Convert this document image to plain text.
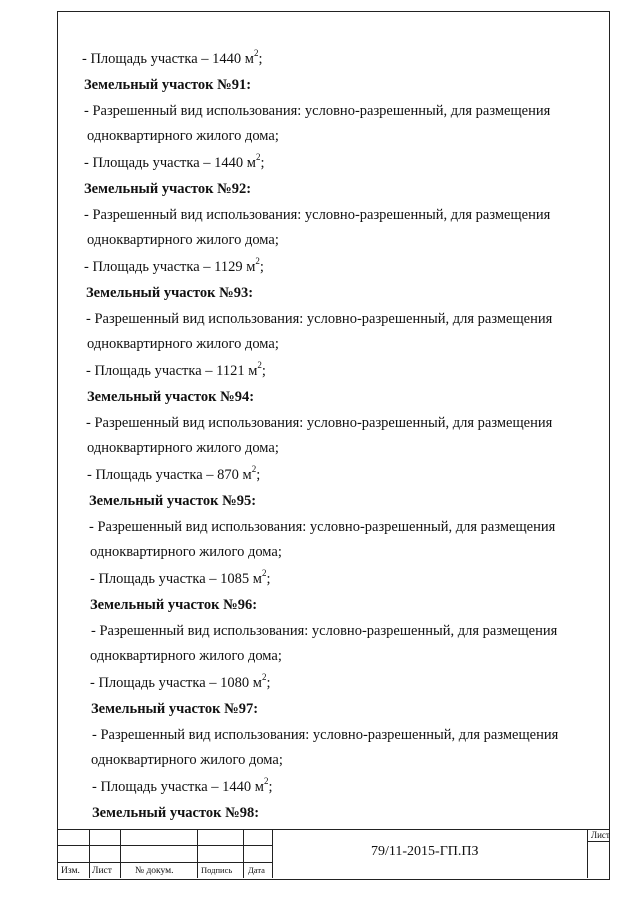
- Площадь участка – 1440 $м^2$;
Земельный участок №91:
- Разрешенный вид использования: условно-разрешенный, для размещения
одноквартирного жилого дома;
- Площадь участка – 1440 $м^2$;
Земельный участок №92:
- Разрешенный вид использования: условно-разрешенный, для размещения
одноквартирного жилого дома;
- Площадь участка – 1129 $м^2$;
Земельный участок №93:
- Разрешенный вид использования: условно-разрешенный, для размещения
одноквартирного жилого дома;
- Площадь участка – 1121 $м^2$;
Земельный участок №94:
- Разрешенный вид использования: условно-разрешенный, для размещения
одноквартирного жилого дома;
- Площадь участка – 870 $м^2$;
Земельный участок №95:
- Разрешенный вид использования: условно-разрешенный, для размещения
одноквартирного жилого дома;
- Площадь участка – 1085 $м^2$;
Земельный участок №96:
- Разрешенный вид использования: условно-разрешенный, для размещения
одноквартирного жилого дома;
- Площадь участка – 1080 $м^2$;
Земельный участок №97:
- Разрешенный вид использования: условно-разрешенный, для размещения
одноквартирного жилого дома;
- Площадь участка – 1440 $м^2$;
Земельный участок №98:
Изм. Лист № докум.	Подпись Дата
Лист
79/11-2015-ГП.ПЗ
